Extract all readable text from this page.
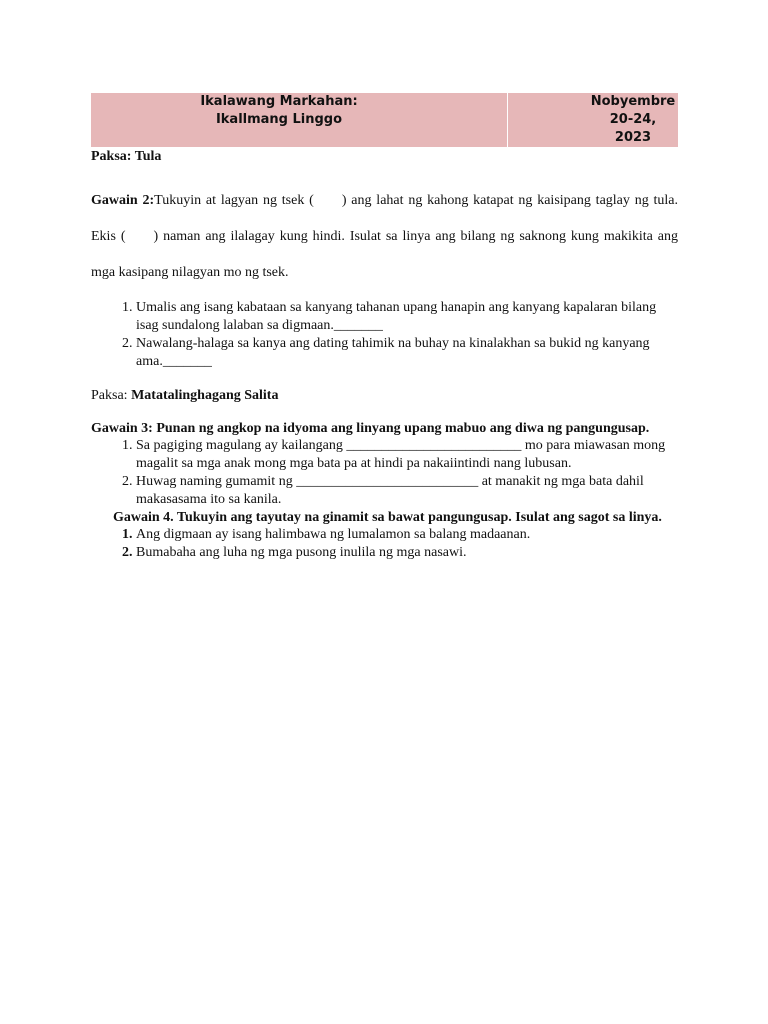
Ikalawang Markahan:
Ikallmang Linggo

Nobyembre 20-24,
2023
Paksa: Tula
Gawain 2:Tukuyin at lagyan ng tsek ( ) ang lahat ng kahong katapat ng kaisipang taglay ng tula. Ekis ( ) naman ang ilalagay kung hindi. Isulat sa linya ang bilang ng saknong kung makikita ang mga kasipang nilagyan mo ng tsek.
1. Umalis ang isang kabataan sa kanyang tahanan upang hanapin ang kanyang kapalaran bilang isag sundalong lalaban sa digmaan._______
2. Nawalang-halaga sa kanya ang dating tahimik na buhay na kinalakhan sa bukid ng kanyang ama._______
Paksa: Matatalinghagang Salita
Gawain 3: Punan ng angkop na idyoma ang linyang upang mabuo ang diwa ng pangungusap.
1. Sa pagiging magulang ay kailangang _________________________ mo para miawasan mong magalit sa mga anak mong mga bata pa at hindi pa nakaiintindi nang lubusan.
2. Huwag naming gumamit ng __________________________ at manakit ng mga bata dahil makasasama ito sa kanila.
Gawain 4. Tukuyin ang tayutay na ginamit sa bawat pangungusap. Isulat ang sagot sa linya.
1. Ang digmaan ay isang halimbawa ng lumalamon sa balang madaanan.
2. Bumabaha ang luha ng mga pusong inulila ng mga nasawi.
